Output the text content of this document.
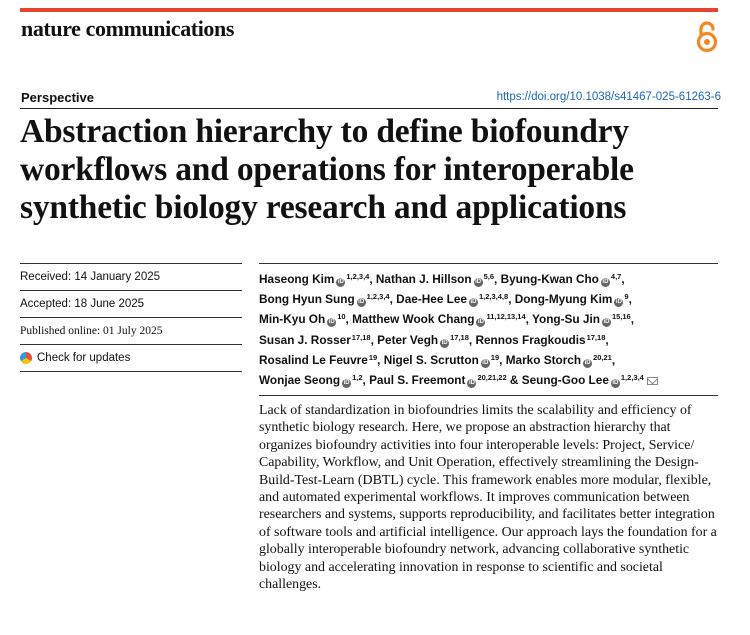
nature communications
Perspective	https://doi.org/10.1038/s41467-025-61263-6
Abstraction hierarchy to define biofoundry workflows and operations for interoperable synthetic biology research and applications
Received: 14 January 2025
Accepted: 18 June 2025
Published online: 01 July 2025
Check for updates
Haseong Kim iD$^{1,2,3,4}$, Nathan J. Hillson iD$^{5,6}$, Byung-Kwan Cho iD$^{4,7}$,
Bong Hyun Sung iD$^{1,2,3,4}$, Dae-Hee Lee iD$^{1,2,3,4,8}$, Dong-Myung Kim $iD^9$,
Min-Kyu Oh $iD^{10}$, Matthew Wook Chang iD$^{11,12,13,14}$, Yong-Su Jin iD$^{15,16}$,
Susan J. Rosser$^{17,18}$, Peter Vegh iD$^{17,18}$, Rennos Fragkoudis$^{17,18}$,
Rosalind Le Feuvre$^{19}$, Nigel S. Scrutton $iD^{19}$, Marko Storch iD$^{20,21}$,
Wonjae Seong iD$^{1,2}$, Paul S. Freemont iD$^{20,21,22}$ & Seung-Goo Lee iD$^{1,2,3,4}$

Lack of standardization in biofoundries limits the scalability and efficiency of synthetic biology research. Here, we propose an abstraction hierarchy that organizes biofoundry activities into four interoperable levels: Project, Service/ Capability, Workflow, and Unit Operation, effectively streamlining the Design-Build-Test-Learn (DBTL) cycle. This framework enables more modular, flexible, and automated experimental workflows. It improves communication between researchers and systems, supports reproducibility, and facilitates better integration of software tools and artificial intelligence. Our approach lays the foundation for a globally interoperable biofoundry network, advancing collaborative synthetic biology and accelerating innovation in response to scientific and societal challenges.
